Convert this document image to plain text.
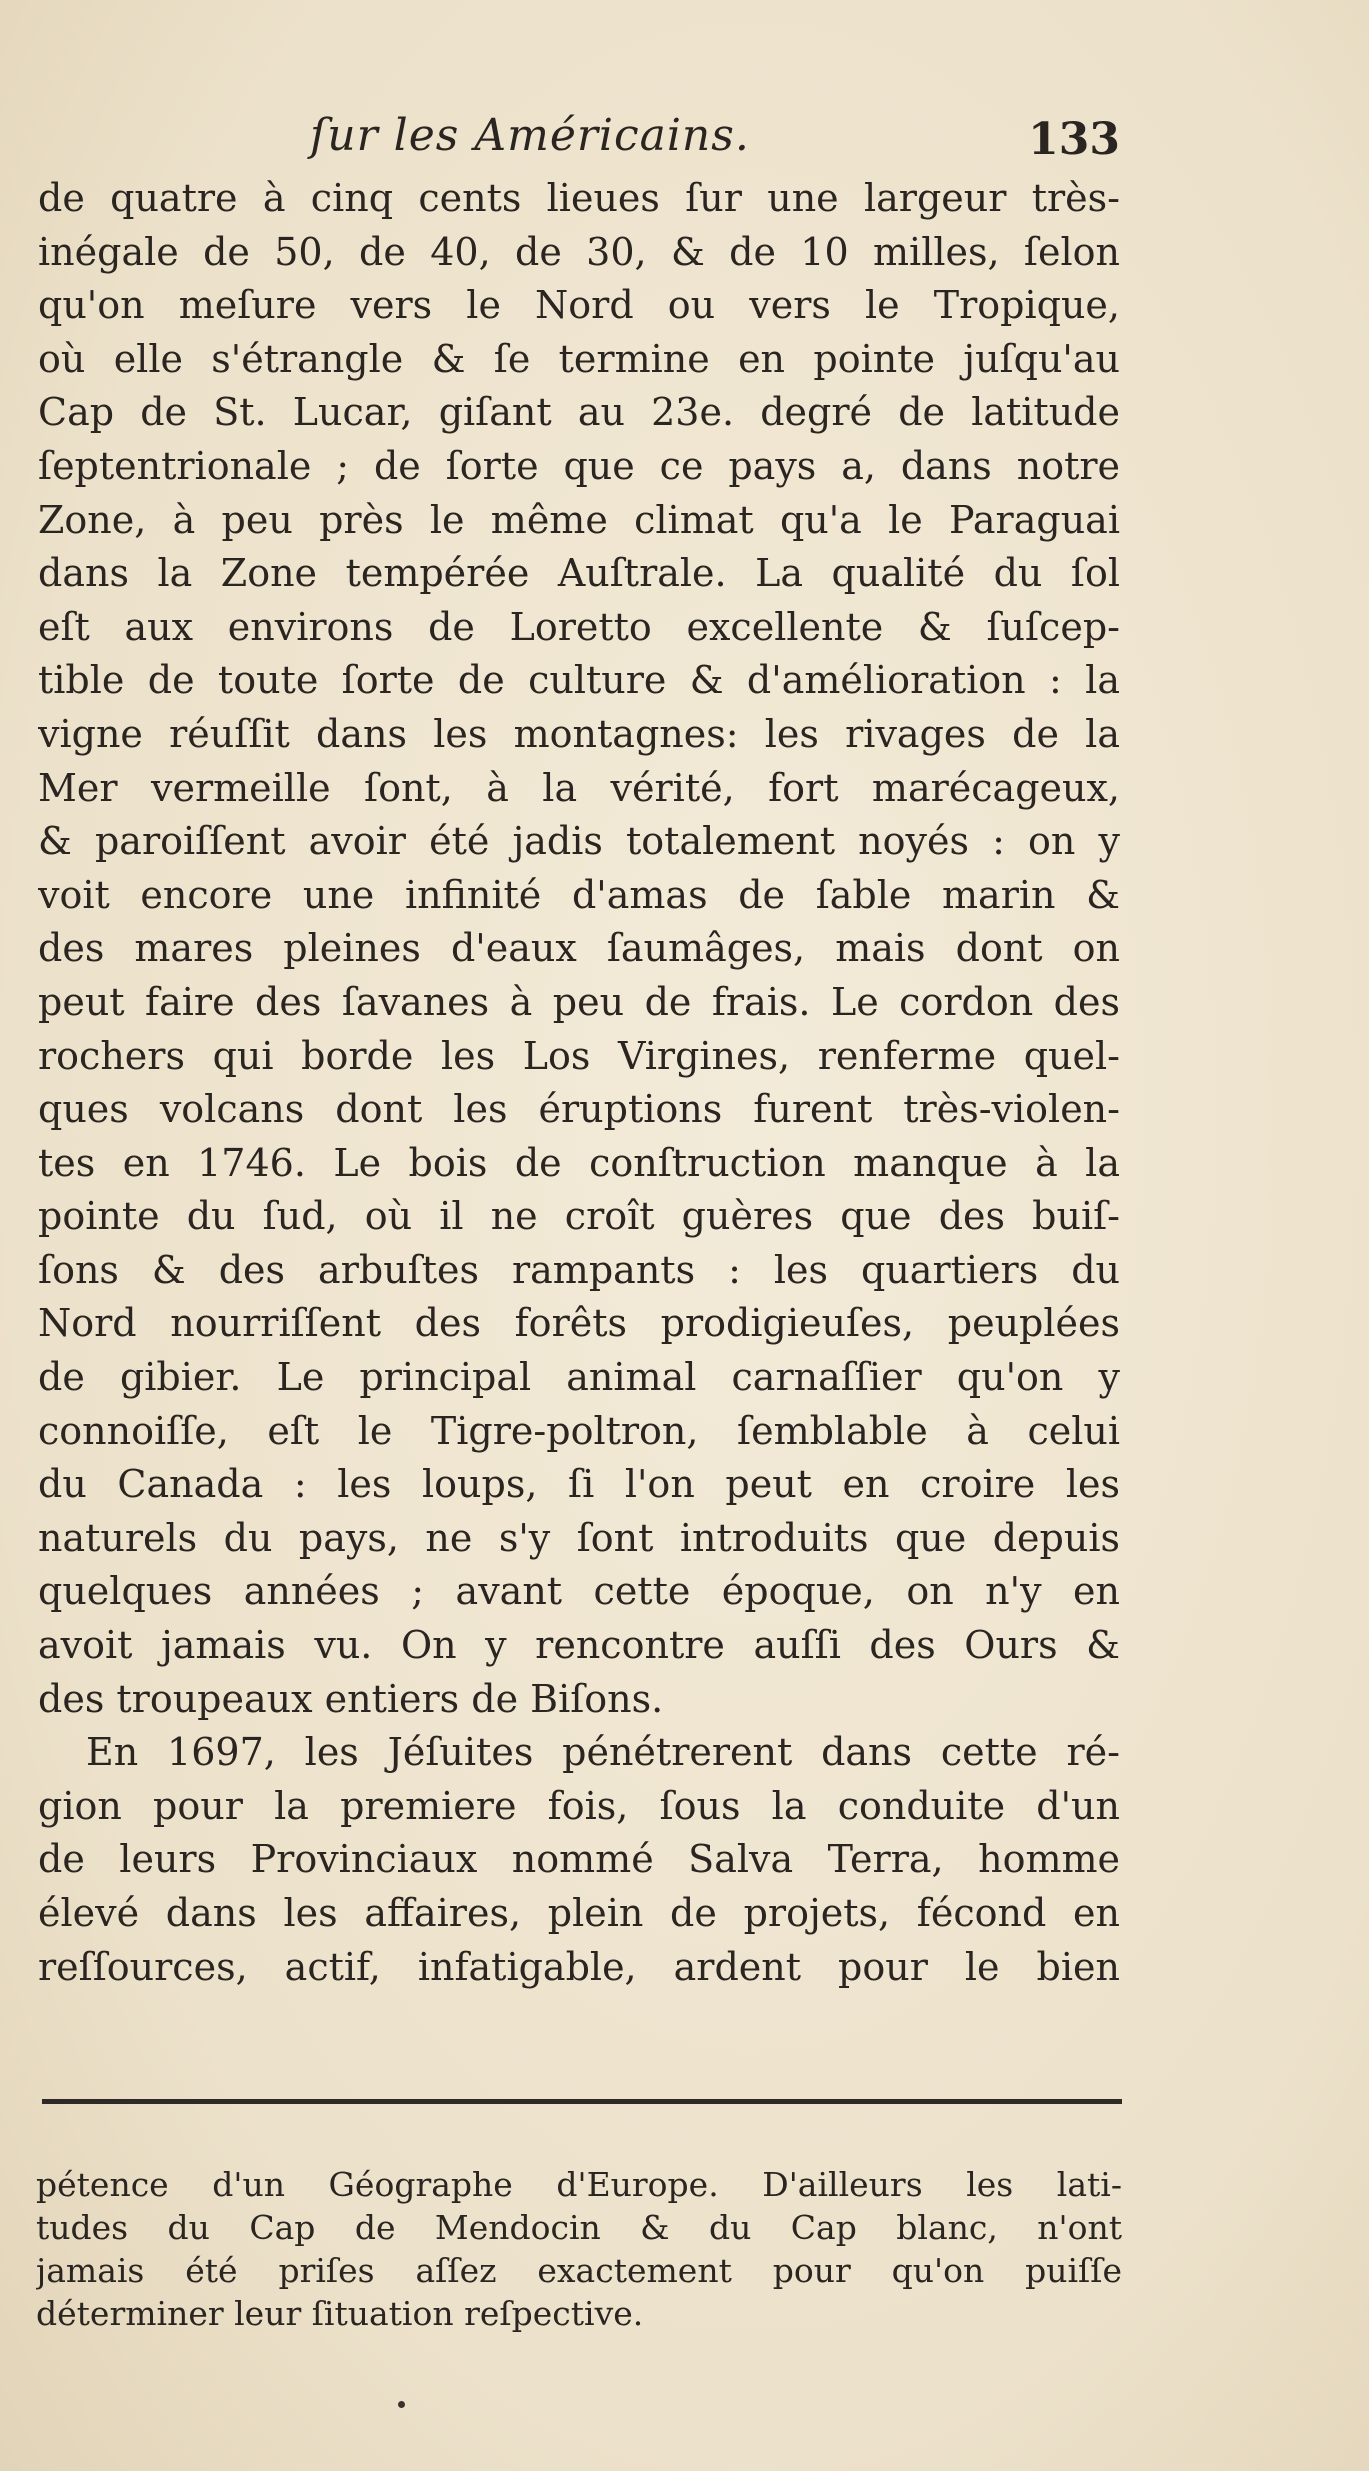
ſur les Américains.	133
de quatre à cinq cents lieues ſur une largeur très-
inégale de 50, de 40, de 30, & de 10 milles, ſelon
qu'on meſure vers le Nord ou vers le Tropique,
où elle s'étrangle & ſe termine en pointe juſqu'au
Cap de St. Lucar, giſant au 23e. degré de latitude
ſeptentrionale ; de ſorte que ce pays a, dans notre
Zone, à peu près le même climat qu'a le Paraguai
dans la Zone tempérée Auſtrale. La qualité du ſol
eſt aux environs de Loretto excellente & ſuſcep-
tible de toute ſorte de culture & d'amélioration : la
vigne réuſſit dans les montagnes: les rivages de la
Mer vermeille ſont, à la vérité, fort marécageux,
& paroiſſent avoir été jadis totalement noyés : on y
voit encore une infinité d'amas de ſable marin &
des mares pleines d'eaux ſaumâges, mais dont on
peut faire des ſavanes à peu de frais. Le cordon des
rochers qui borde les Los Virgines, renferme quel-
ques volcans dont les éruptions furent très-violen-
tes en 1746. Le bois de conſtruction manque à la
pointe du ſud, où il ne croît guères que des buiſ-
ſons & des arbuſtes rampants : les quartiers du
Nord nourriſſent des forêts prodigieuſes, peuplées
de gibier. Le principal animal carnaſſier qu'on y
connoiſſe, eſt le Tigre-poltron, ſemblable à celui
du Canada : les loups, ſi l'on peut en croire les
naturels du pays, ne s'y ſont introduits que depuis
quelques années ; avant cette époque, on n'y en
avoit jamais vu. On y rencontre auſſi des Ours &
des troupeaux entiers de Biſons.
En 1697, les Jéſuites pénétrerent dans cette ré-
gion pour la premiere fois, ſous la conduite d'un
de leurs Provinciaux nommé Salva Terra, homme
élevé dans les affaires, plein de projets, fécond en
reſſources, actif, infatigable, ardent pour le bien
pétence d'un Géographe d'Europe. D'ailleurs les lati-
tudes du Cap de Mendocin & du Cap blanc, n'ont
jamais été priſes aſſez exactement pour qu'on puiſſe
déterminer leur ſituation reſpective.
